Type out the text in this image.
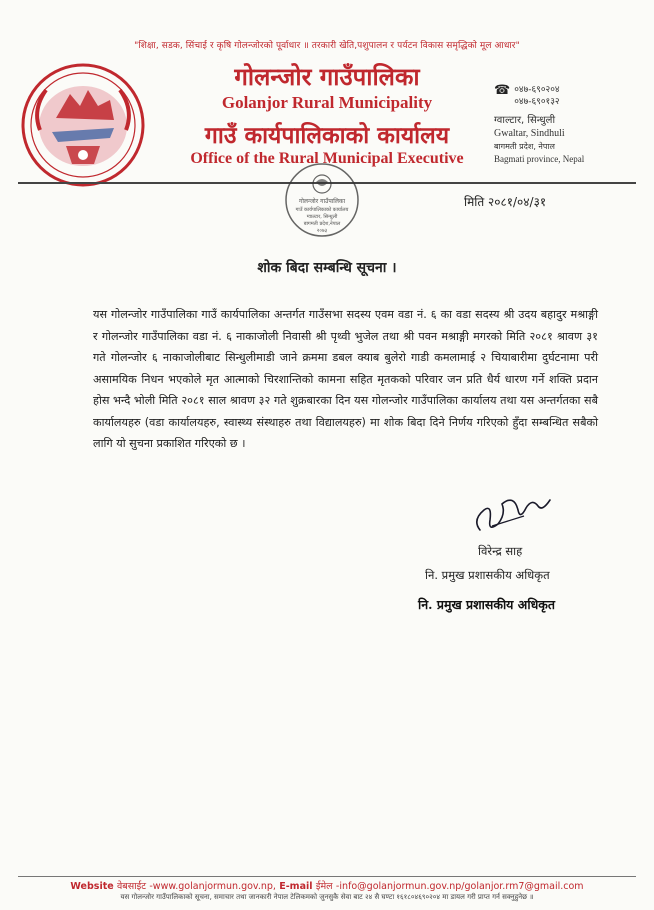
"शिक्षा, सडक, सिंचाई र कृषि गोलन्जोरको पूर्वाधार ॥ तरकारी खेति,पशुपालन र पर्यटन विकास समृद्धिको मूल आधार"
गोलन्जोर गाउँपालिका
Golanjor Rural Municipality
गाउँ कार्यपालिकाको कार्यालय
Office of the Rural Municipal Executive
☎ ०४७-६९०२०४
०४७-६९०१३२
ग्वाल्टार, सिन्धुली
Gwaltar, Sindhuli
बागमती प्रदेश, नेपाल
Bagmati province, Nepal
गोलन्जोर गाउँपालिका
गाउँ कार्यपालिकाको कार्यालय
ग्वाल्टार, सिन्धुली
बागमती प्रदेश,नेपाल
२०७३
मिति २०८१/०४/३१
शोक बिदा सम्बन्धि सूचना ।
यस गोलन्जोर गाउँपालिका गाउँ कार्यपालिका अन्तर्गत गाउँसभा सदस्य एवम वडा नं. ६ का वडा सदस्य श्री उदय बहादुर मश्राङ्गी र गोलन्जोर गाउँपालिका वडा नं. ६ नाकाजोली निवासी श्री पृथ्वी भुजेल तथा श्री पवन मश्राङ्गी मगरको मिति २०८१ श्रावण ३१ गते गोलन्जोर ६ नाकाजोलीबाट सिन्धुलीमाडी जाने क्रममा डबल क्याब बुलेरो गाडी कमलामाई २ चियाबारीमा दुर्घटनामा परी असामयिक निधन भएकोले मृत आत्माको चिरशान्तिको कामना सहित मृतकको परिवार जन प्रति धैर्य धारण गर्ने शक्ति प्रदान होस भन्दै भोली मिति २०८१ साल श्रावण ३२ गते शुक्रबारका दिन यस गोलन्जोर गाउँपालिका कार्यालय तथा यस अन्तर्गतका सबै कार्यालयहरु (वडा कार्यालयहरु, स्वास्थ्य संस्थाहरु तथा विद्यालयहरु) मा शोक बिदा दिने निर्णय गरिएको हुँदा सम्बन्धित सबैको लागि यो सुचना प्रकाशित गरिएको छ ।
विरेन्द्र साह
नि. प्रमुख प्रशासकीय अधिकृत
नि. प्रमुख प्रशासकीय अधिकृत
Website वेबसाईट -www.golanjormun.gov.np, E-mail ईमेल -info@golanjormun.gov.np/golanjor.rm7@gmail.com
यस गोलन्जोर गाउँपालिकाको सूचना, समाचार तथा जानकारी नेपाल टेलिकमको जुनसुकै सेवा बाट २४ सै घण्टा १६१८०४६९०२०४ मा डायल गरी प्राप्त गर्न सक्नुहुनेछ ॥
